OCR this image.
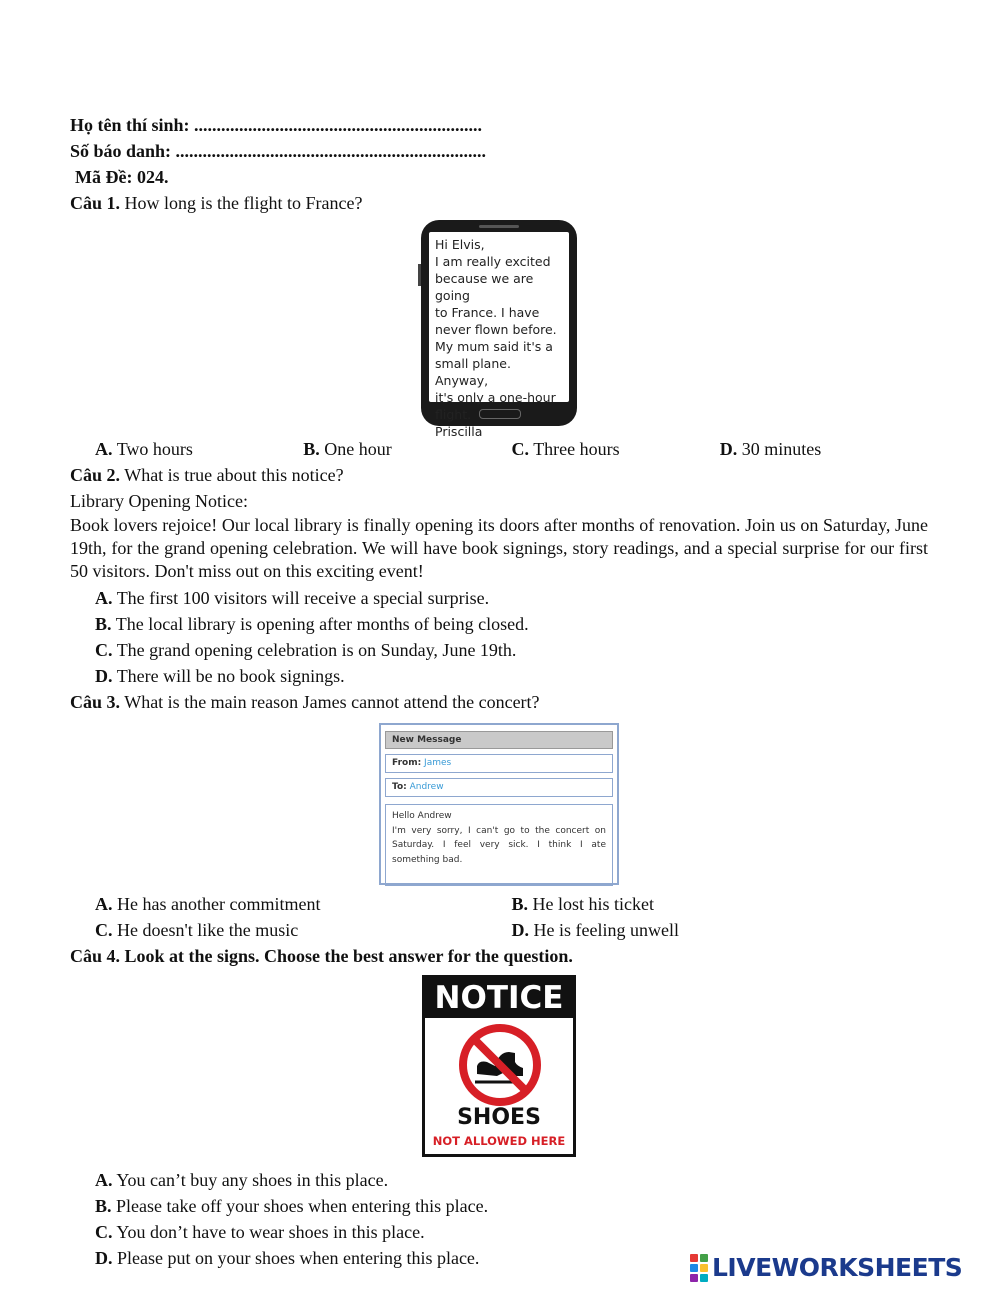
Họ tên thí sinh: ................................................................
Số báo danh: .....................................................................
Mã Đề: 024.
Câu 1. How long is the flight to France?
Hi Elvis,
I am really excited
because we are going
to France. I have
never flown before.
My mum said it's a
small plane. Anyway,
it's only a one-hour
flight.
Priscilla
A. Two hours	B. One hour	C. Three hours	D. 30 minutes
Câu 2. What is true about this notice?
Library Opening Notice:
Book lovers rejoice! Our local library is finally opening its doors after months of renovation. Join us on Saturday, June 19th, for the grand opening celebration. We will have book signings, story readings, and a special surprise for our first 50 visitors. Don't miss out on this exciting event!
A. The first 100 visitors will receive a special surprise.
B. The local library is opening after months of being closed.
C. The grand opening celebration is on Sunday, June 19th.
D. There will be no book signings.
Câu 3. What is the main reason James cannot attend the concert?
New Message
From: James
To: Andrew
Hello Andrew
I'm very sorry, I can't go to the concert on Saturday. I feel very sick. I think I ate something bad.
A. He has another commitment	B. He lost his ticket
C. He doesn't like the music	D. He is feeling unwell
Câu 4. Look at the signs. Choose the best answer for the question.
NOTICE
SHOES
NOT ALLOWED HERE
A. You can’t buy any shoes in this place.
B. Please take off your shoes when entering this place.
C. You don’t have to wear shoes in this place.
D. Please put on your shoes when entering this place.	LIVEWORKSHEETS
